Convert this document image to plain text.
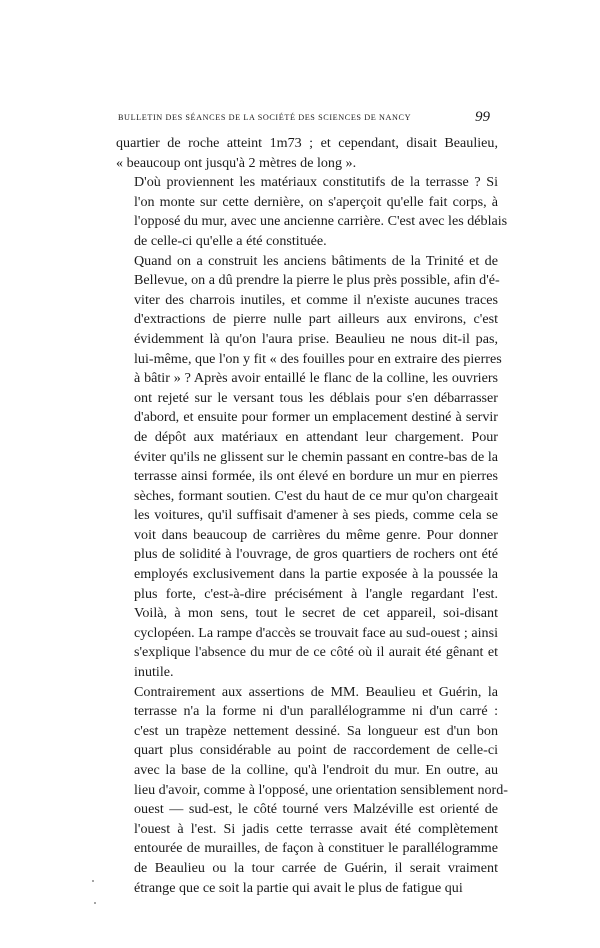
BULLETIN DES SÉANCES DE LA SOCIÉTÉ DES SCIENCES DE NANCY	99

quartier de roche atteint 1m73 ; et cependant, disait Beaulieu,
« beaucoup ont jusqu'à 2 mètres de long ».

D'où proviennent les matériaux constitutifs de la terrasse ? Si
l'on monte sur cette dernière, on s'aperçoit qu'elle fait corps, à
l'opposé du mur, avec une ancienne carrière. C'est avec les déblais
de celle-ci qu'elle a été constituée.

Quand on a construit les anciens bâtiments de la Trinité et de
Bellevue, on a dû prendre la pierre le plus près possible, afin d'é-
viter des charrois inutiles, et comme il n'existe aucunes traces
d'extractions de pierre nulle part ailleurs aux environs, c'est
évidemment là qu'on l'aura prise. Beaulieu ne nous dit-il pas,
lui-même, que l'on y fit « des fouilles pour en extraire des pierres
à bâtir » ? Après avoir entaillé le flanc de la colline, les ouvriers
ont rejeté sur le versant tous les déblais pour s'en débarrasser
d'abord, et ensuite pour former un emplacement destiné à servir
de dépôt aux matériaux en attendant leur chargement. Pour
éviter qu'ils ne glissent sur le chemin passant en contre-bas de la
terrasse ainsi formée, ils ont élevé en bordure un mur en pierres
sèches, formant soutien. C'est du haut de ce mur qu'on chargeait
les voitures, qu'il suffisait d'amener à ses pieds, comme cela se
voit dans beaucoup de carrières du même genre. Pour donner
plus de solidité à l'ouvrage, de gros quartiers de rochers ont été
employés exclusivement dans la partie exposée à la poussée la
plus forte, c'est-à-dire précisément à l'angle regardant l'est.
Voilà, à mon sens, tout le secret de cet appareil, soi-disant
cyclopéen. La rampe d'accès se trouvait face au sud-ouest ; ainsi
s'explique l'absence du mur de ce côté où il aurait été gênant et
inutile.

Contrairement aux assertions de MM. Beaulieu et Guérin, la
terrasse n'a la forme ni d'un parallélogramme ni d'un carré :
c'est un trapèze nettement dessiné. Sa longueur est d'un bon
quart plus considérable au point de raccordement de celle-ci
avec la base de la colline, qu'à l'endroit du mur. En outre, au
lieu d'avoir, comme à l'opposé, une orientation sensiblement nord-
ouest — sud-est, le côté tourné vers Malzéville est orienté de
l'ouest à l'est. Si jadis cette terrasse avait été complètement
entourée de murailles, de façon à constituer le parallélogramme
de Beaulieu ou la tour carrée de Guérin, il serait vraiment
étrange que ce soit la partie qui avait le plus de fatigue qui
